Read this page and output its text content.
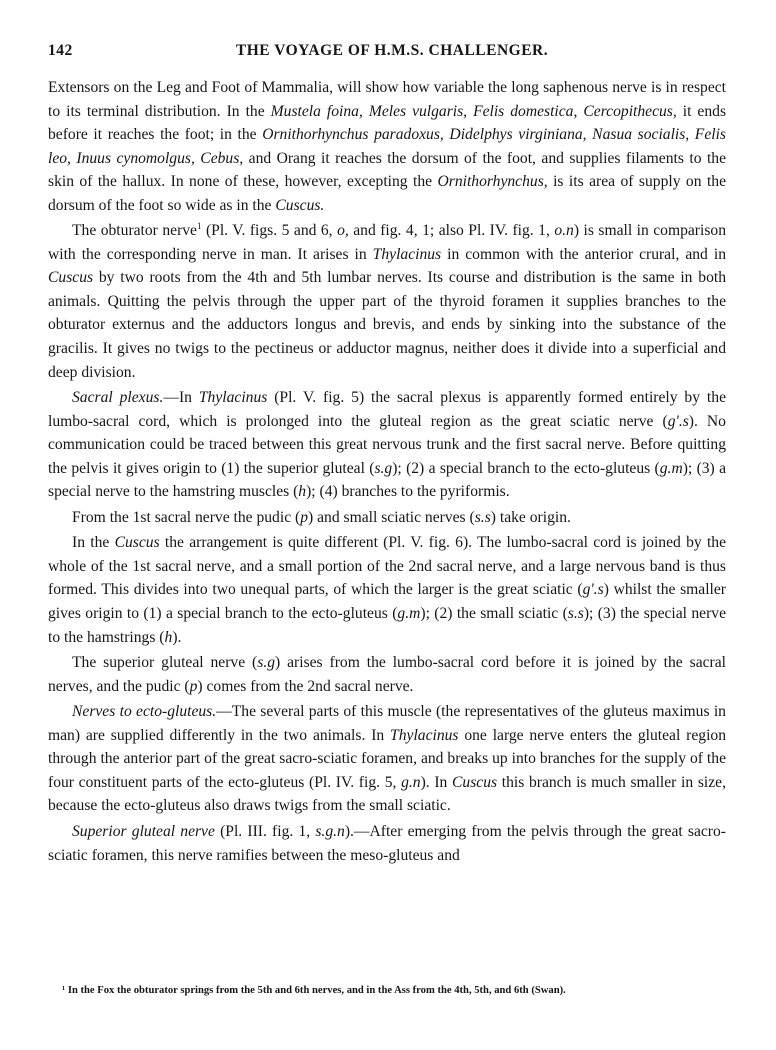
142	THE VOYAGE OF H.M.S. CHALLENGER.

Extensors on the Leg and Foot of Mammalia, will show how variable the long saphenous nerve is in respect to its terminal distribution. In the Mustela foina, Meles vulgaris, Felis domestica, Cercopithecus, it ends before it reaches the foot; in the Ornithorhynchus paradoxus, Didelphys virginiana, Nasua socialis, Felis leo, Inuus cynomolgus, Cebus, and Orang it reaches the dorsum of the foot, and supplies filaments to the skin of the hallux. In none of these, however, excepting the Ornithorhynchus, is its area of supply on the dorsum of the foot so wide as in the Cuscus.

The obturator nerve$^1$ (Pl. V. figs. 5 and 6, o, and fig. 4, 1; also Pl. IV. fig. 1, o.n) is small in comparison with the corresponding nerve in man. It arises in Thylacinus in common with the anterior crural, and in Cuscus by two roots from the 4th and 5th lumbar nerves. Its course and distribution is the same in both animals. Quitting the pelvis through the upper part of the thyroid foramen it supplies branches to the obturator externus and the adductors longus and brevis, and ends by sinking into the substance of the gracilis. It gives no twigs to the pectineus or adductor magnus, neither does it divide into a superficial and deep division.

Sacral plexus.—In Thylacinus (Pl. V. fig. 5) the sacral plexus is apparently formed entirely by the lumbo-sacral cord, which is prolonged into the gluteal region as the great sciatic nerve (g'.s). No communication could be traced between this great nervous trunk and the first sacral nerve. Before quitting the pelvis it gives origin to (1) the superior gluteal (s.g); (2) a special branch to the ecto-gluteus (g.m); (3) a special nerve to the hamstring muscles (h); (4) branches to the pyriformis.

From the 1st sacral nerve the pudic (p) and small sciatic nerves (s.s) take origin.

In the Cuscus the arrangement is quite different (Pl. V. fig. 6). The lumbo-sacral cord is joined by the whole of the 1st sacral nerve, and a small portion of the 2nd sacral nerve, and a large nervous band is thus formed. This divides into two unequal parts, of which the larger is the great sciatic (g'.s) whilst the smaller gives origin to (1) a special branch to the ecto-gluteus (g.m); (2) the small sciatic (s.s); (3) the special nerve to the hamstrings (h).

The superior gluteal nerve (s.g) arises from the lumbo-sacral cord before it is joined by the sacral nerves, and the pudic (p) comes from the 2nd sacral nerve.

Nerves to ecto-gluteus.—The several parts of this muscle (the representatives of the gluteus maximus in man) are supplied differently in the two animals. In Thylacinus one large nerve enters the gluteal region through the anterior part of the great sacro-sciatic foramen, and breaks up into branches for the supply of the four constituent parts of the ecto-gluteus (Pl. IV. fig. 5, g.n). In Cuscus this branch is much smaller in size, because the ecto-gluteus also draws twigs from the small sciatic.

Superior gluteal nerve (Pl. III. fig. 1, s.g.n).—After emerging from the pelvis through the great sacro-sciatic foramen, this nerve ramifies between the meso-gluteus and

¹ In the Fox the obturator springs from the 5th and 6th nerves, and in the Ass from the 4th, 5th, and 6th (Swan).
